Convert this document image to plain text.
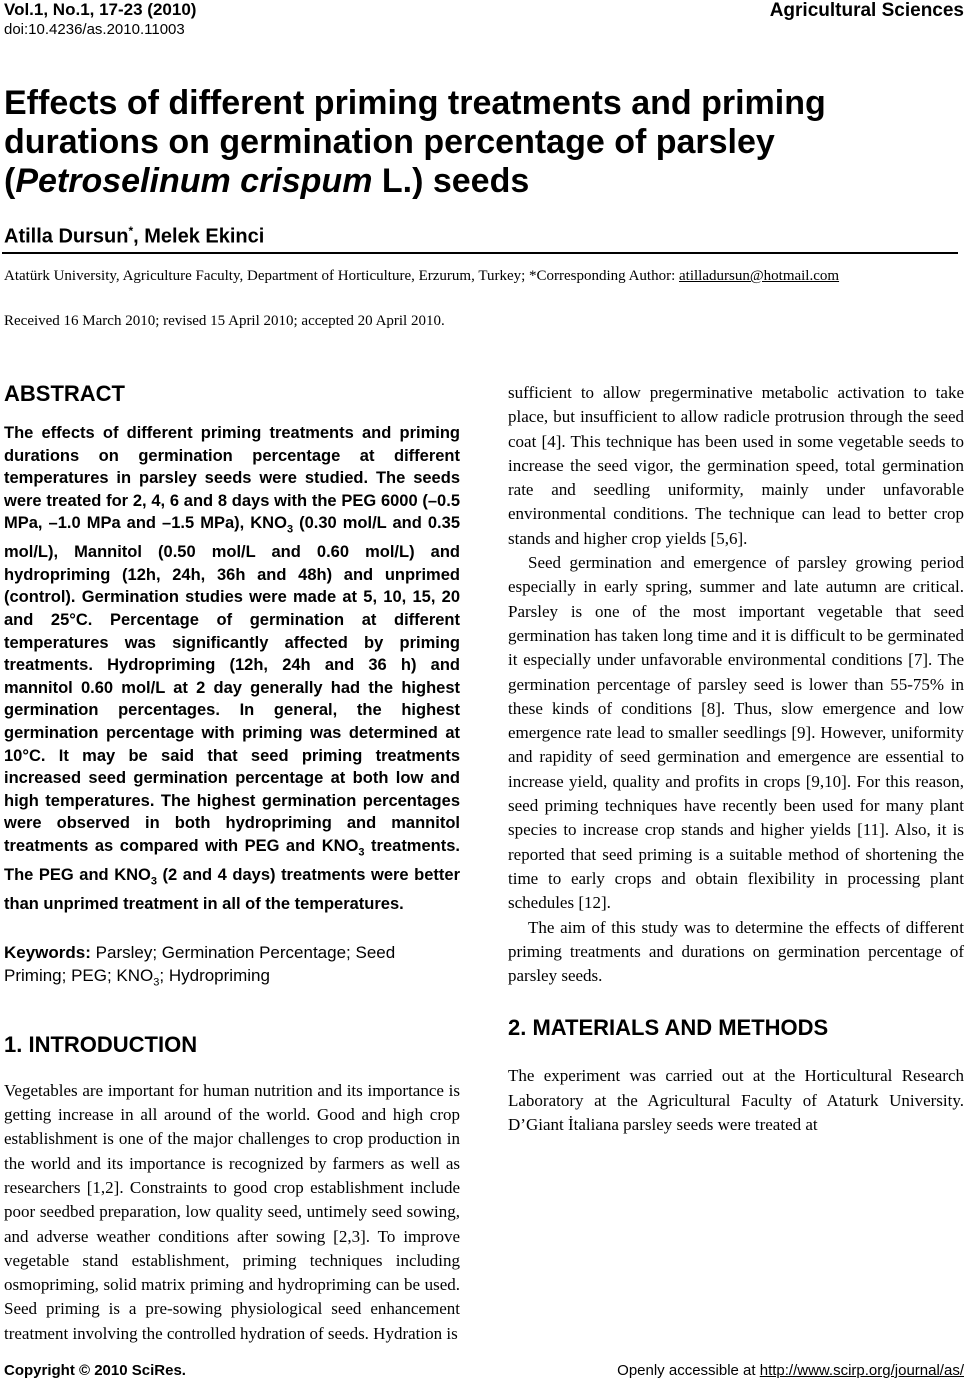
Vol.1, No.1, 17-23 (2010)
doi:10.4236/as.2010.11003
Agricultural Sciences
Effects of different priming treatments and priming durations on germination percentage of parsley (Petroselinum crispum L.) seeds
Atilla Dursun*, Melek Ekinci
Atatürk University, Agriculture Faculty, Department of Horticulture, Erzurum, Turkey; *Corresponding Author: atilladursun@hotmail.com
Received 16 March 2010; revised 15 April 2010; accepted 20 April 2010.
ABSTRACT

The effects of different priming treatments and priming durations on germination percentage at different temperatures in parsley seeds were studied. The seeds were treated for 2, 4, 6 and 8 days with the PEG 6000 (–0.5 MPa, –1.0 MPa and –1.5 MPa), $KNO_3$ (0.30 mol/L and 0.35 mol/L), Mannitol (0.50 mol/L and 0.60 mol/L) and hydropriming (12h, 24h, 36h and 48h) and unprimed (control). Germination studies were made at 5, 10, 15, 20 and 25°C. Percentage of germination at different temperatures was significantly affected by priming treatments. Hydropriming (12h, 24h and 36 h) and mannitol 0.60 mol/L at 2 day generally had the highest germination percentages. In general, the highest germination percentage with priming was determined at 10°C. It may be said that seed priming treatments increased seed germination percentage at both low and high temperatures. The highest germination percentages were observed in both hydropriming and mannitol treatments as compared with PEG and $KNO_3$ treatments. The PEG and $KNO_3$ (2 and 4 days) treatments were better than unprimed treatment in all of the temperatures.

Keywords: Parsley; Germination Percentage; Seed Priming; PEG; $KNO_3$; Hydropriming

1. INTRODUCTION

Vegetables are important for human nutrition and its importance is getting increase in all around of the world. Good and high crop establishment is one of the major challenges to crop production in the world and its importance is recognized by farmers as well as researchers [1,2]. Constraints to good crop establishment include poor seedbed preparation, low quality seed, untimely seed sowing, and adverse weather conditions after sowing [2,3]. To improve vegetable stand establishment, priming techniques including osmopriming, solid matrix priming and hydropriming can be used. Seed priming is a pre-sowing physiological seed enhancement treatment involving the controlled hydration of seeds. Hydration is

sufficient to allow pregerminative metabolic activation to take place, but insufficient to allow radicle protrusion through the seed coat [4]. This technique has been used in some vegetable seeds to increase the seed vigor, the germination speed, total germination rate and seedling uniformity, mainly under unfavorable environmental conditions. The technique can lead to better crop stands and higher crop yields [5,6].

Seed germination and emergence of parsley growing period especially in early spring, summer and late autumn are critical. Parsley is one of the most important vegetable that seed germination has taken long time and it is difficult to be germinated it especially under unfavorable environmental conditions [7]. The germination percentage of parsley seed is lower than 55-75% in these kinds of conditions [8]. Thus, slow emergence and low emergence rate lead to smaller seedlings [9]. However, uniformity and rapidity of seed germination and emergence are essential to increase yield, quality and profits in crops [9,10]. For this reason, seed priming techniques have recently been used for many plant species to increase crop stands and higher yields [11]. Also, it is reported that seed priming is a suitable method of shortening the time to early crops and obtain flexibility in processing plant schedules [12].

The aim of this study was to determine the effects of different priming treatments and durations on germination percentage of parsley seeds.

2. MATERIALS AND METHODS

The experiment was carried out at the Horticultural Research Laboratory at the Agricultural Faculty of Ataturk University. D’Giant İtaliana parsley seeds were treated at

Copyright © 2010 SciRes.	Openly accessible at http://www.scirp.org/journal/as/
